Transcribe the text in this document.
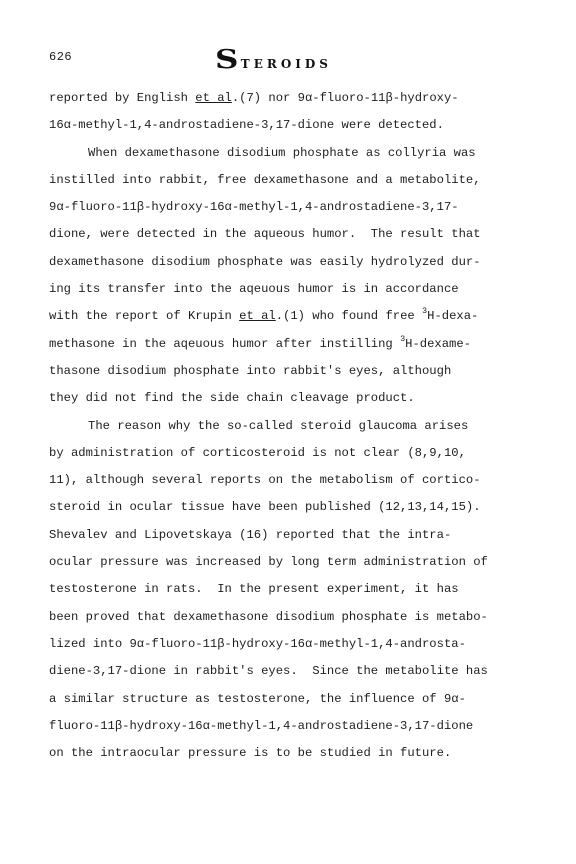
626	STEROIDS
reported by English et al.(7) nor 9α-fluoro-11β-hydroxy-
16α-methyl-1,4-androstadiene-3,17-dione were detected.
When dexamethasone disodium phosphate as collyria was
instilled into rabbit, free dexamethasone and a metabolite,
9α-fluoro-11β-hydroxy-16α-methyl-1,4-androstadiene-3,17-
dione, were detected in the aqueous humor.  The result that
dexamethasone disodium phosphate was easily hydrolyzed dur-
ing its transfer into the aqeuous humor is in accordance
with the report of Krupin et al.(1) who found free $^3$H-dexa-
methasone in the aqeuous humor after instilling $^3$H-dexame-
thasone disodium phosphate into rabbit's eyes, although
they did not find the side chain cleavage product.
The reason why the so-called steroid glaucoma arises
by administration of corticosteroid is not clear (8,9,10,
11), although several reports on the metabolism of cortico-
steroid in ocular tissue have been published (12,13,14,15).
Shevalev and Lipovetskaya (16) reported that the intra-
ocular pressure was increased by long term administration of
testosterone in rats.  In the present experiment, it has
been proved that dexamethasone disodium phosphate is metabo-
lized into 9α-fluoro-11β-hydroxy-16α-methyl-1,4-androsta-
diene-3,17-dione in rabbit's eyes.  Since the metabolite has
a similar structure as testosterone, the influence of 9α-
fluoro-11β-hydroxy-16α-methyl-1,4-androstadiene-3,17-dione
on the intraocular pressure is to be studied in future.
